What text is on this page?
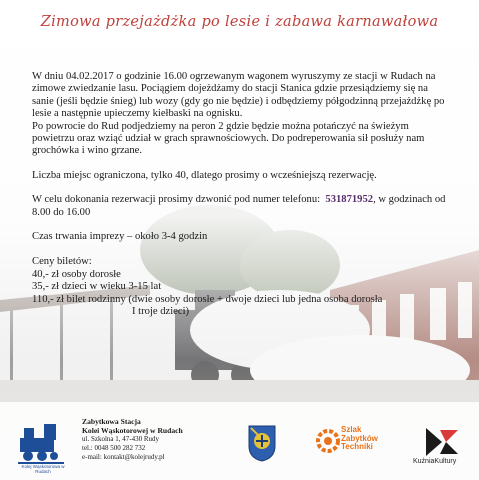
Zimowa przejażdżka po lesie i zabawa karnawałowa

W dniu 04.02.2017 o godzinie 16.00 ogrzewanym wagonem wyruszymy ze stacji w Rudach na zimowe zwiedzanie lasu. Pociągiem dojeżdżamy do stacji Stanica gdzie przesiądziemy się na sanie (jeśli będzie śnieg) lub wozy (gdy go nie będzie) i odbędziemy półgodzinną przejażdżkę po lesie a następnie upieczemy kiełbaski na ognisku.

Po powrocie do Rud podjedziemy na peron 2 gdzie będzie można potańczyć na świeżym powietrzu oraz wziąć udział w grach sprawnościowych. Do podreperowania sił posłuży nam grochówka i wino grzane.

Liczba miejsc ograniczona, tylko 40, dlatego prosimy o wcześniejszą rezerwację.

W celu dokonania rezerwacji prosimy dzwonić pod numer telefonu: 531871952, w godzinach od 8.00 do 16.00

Czas trwania imprezy – około 3-4 godzin

Ceny biletów:

40,- zł osoby dorosłe

35,- zł dzieci w wieku 3-15 lat

110,- zł bilet rodzinny (dwie osoby dorosłe + dwoje dzieci lub jedna osoba dorosła

I troje dzieci)

Kolej Wąskotorowa w Rudach
Zabytkowa Stacja
Kolei Wąskotorowej w Rudach
ul. Szkolna 1, 47-430 Rudy
tel.: 0048 500 282 732
e-mail: kontakt@kolejrudy.pl
Szlak
Zabytków
Techniki
KuźniaKultury
